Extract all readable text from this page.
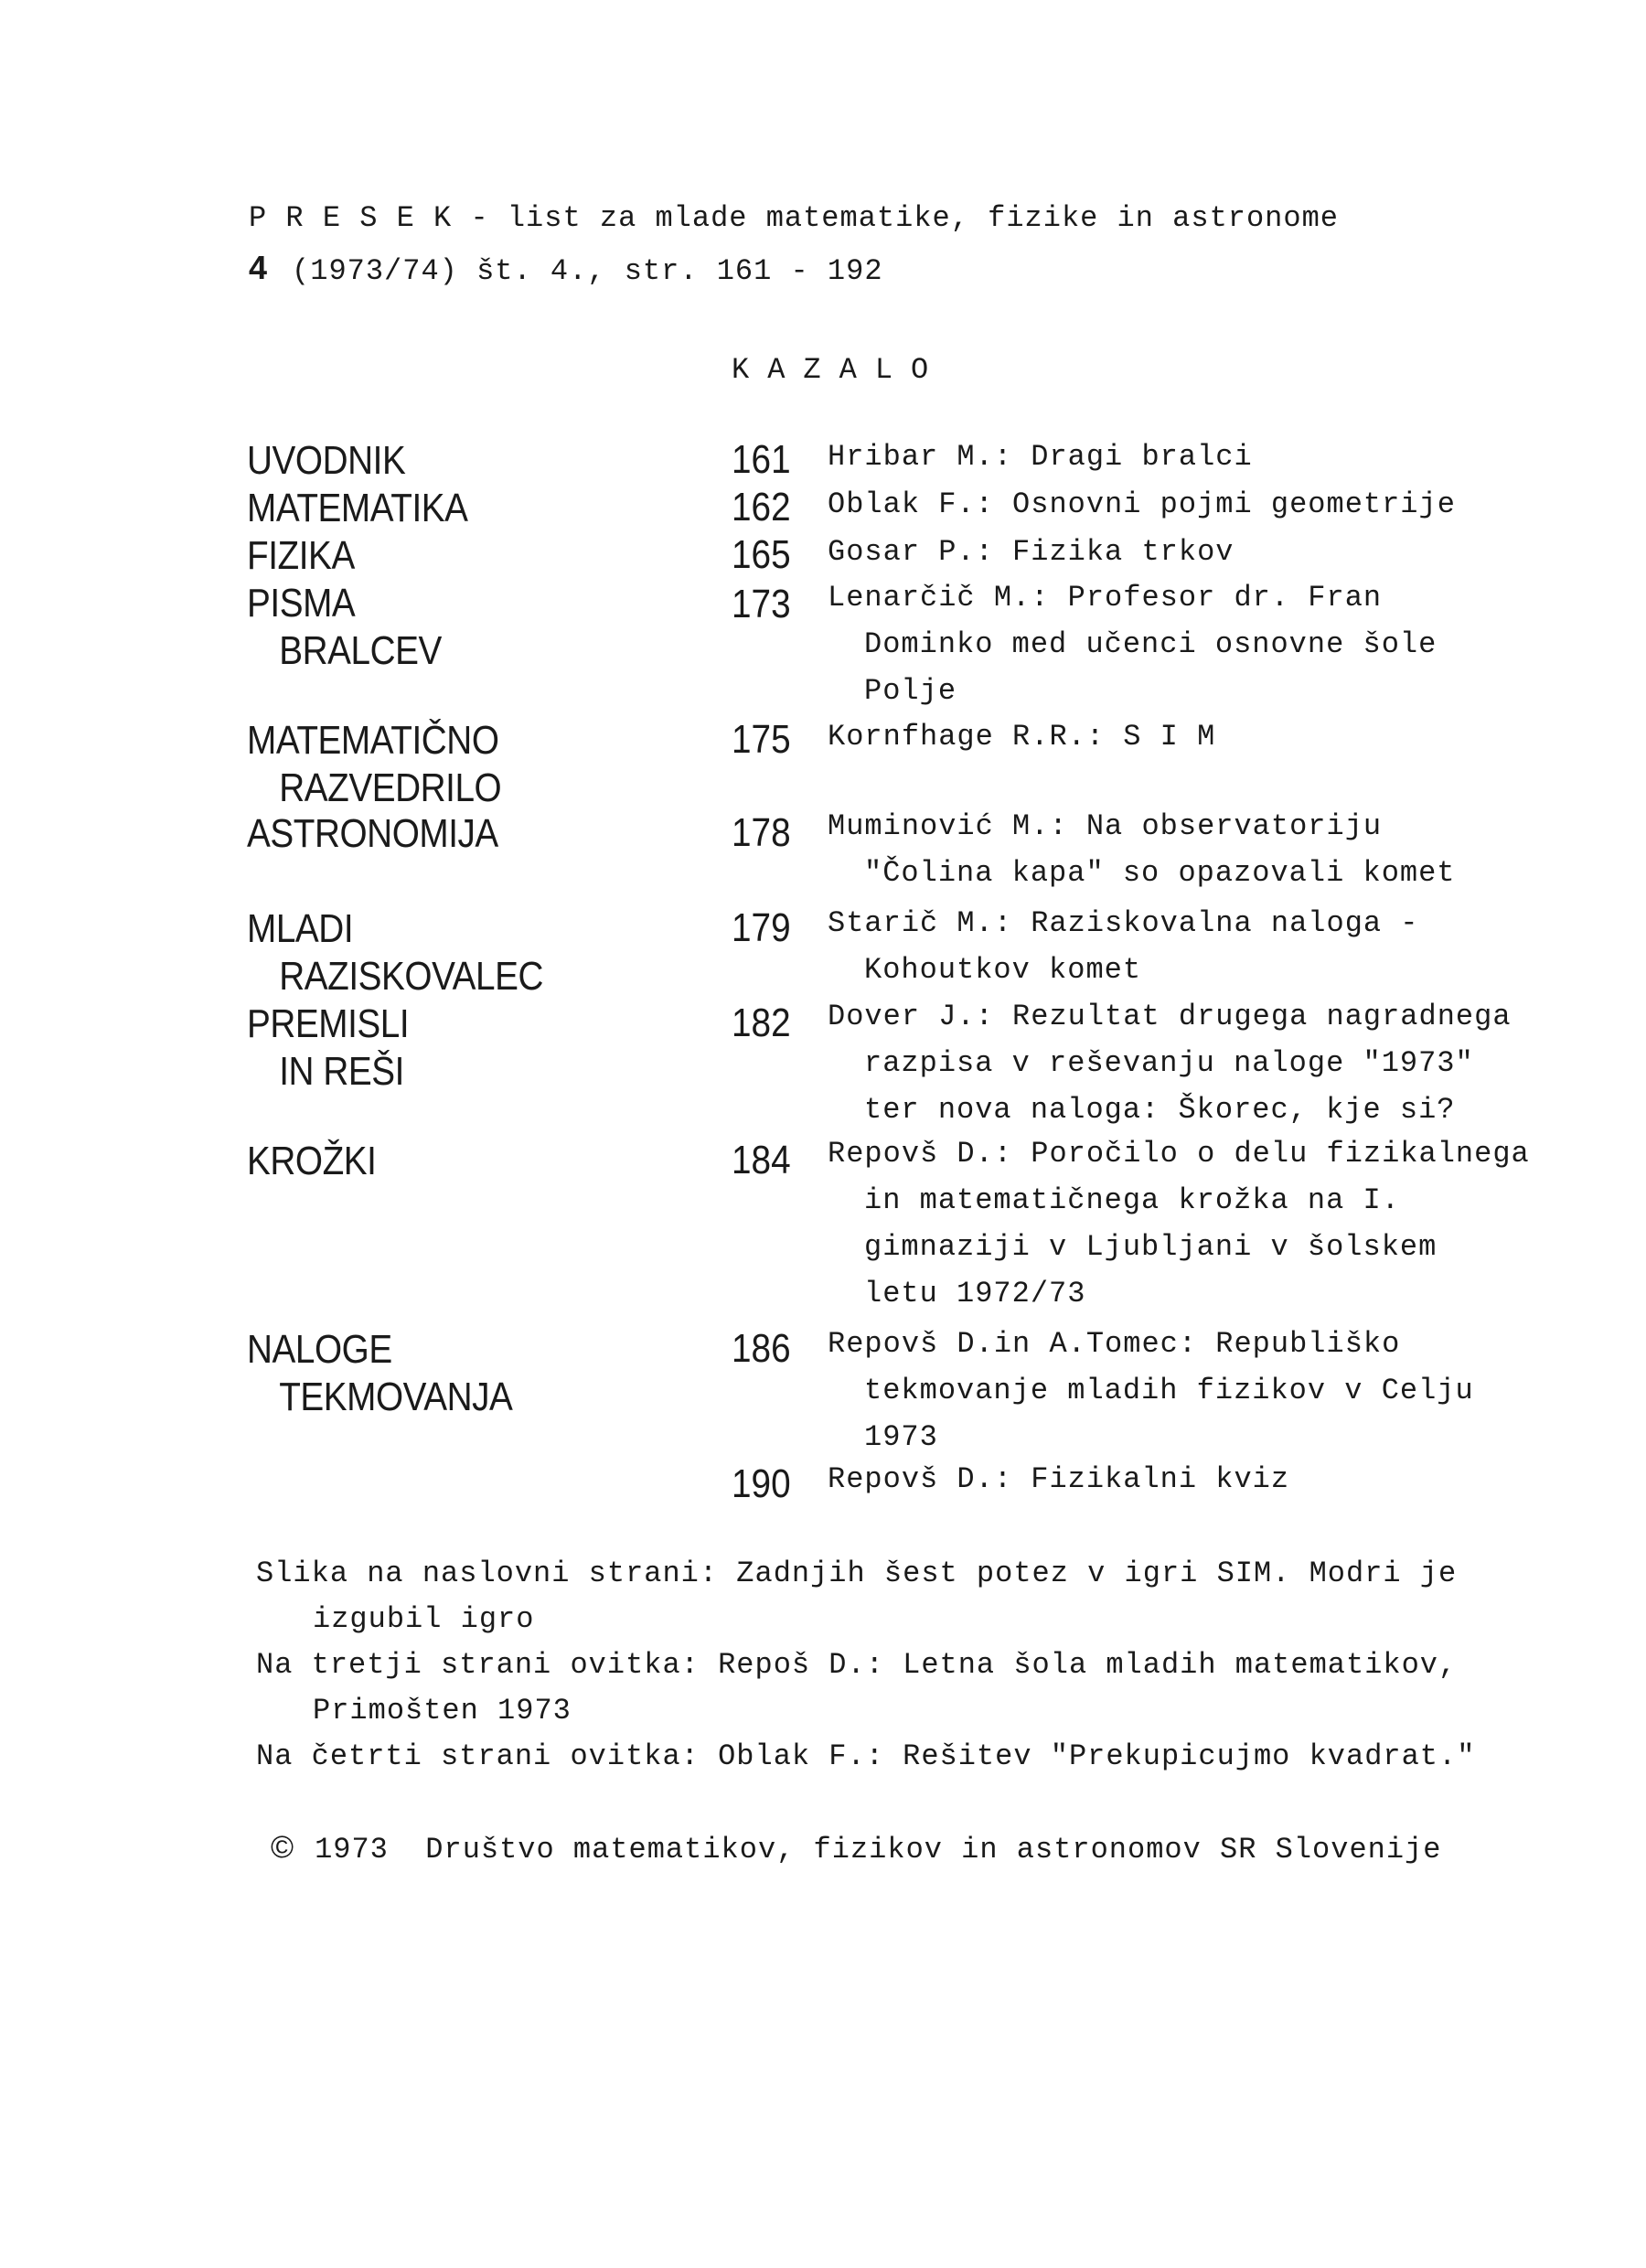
P R E S E K - list za mlade matematike, fizike in astronome
4 (1973/74) št. 4., str. 161 - 192
KAZALO
UVODNIK
MATEMATIKA
FIZIKA
PISMA
BRALCEV
161 Hribar M.: Dragi bralci
162 Oblak F.: Osnovni pojmi geometrije
165 Gosar P.: Fizika trkov
173 Lenarčič M.: Profesor dr. Fran
Dominko med učenci osnovne šole
Polje
MATEMATIČNO
RAZVEDRILO
175 Kornfhage R.R.: S I M
ASTRONOMIJA	178 Muminović M.: Na observatoriju
"Čolina kapa" so opazovali komet
MLADI
RAZISKOVALEC
179 Starič M.: Raziskovalna naloga -
Kohoutkov komet
PREMISLI
IN REŠI
182 Dover J.: Rezultat drugega nagradnega
razpisa v reševanju naloge "1973"
ter nova naloga: Škorec, kje si?
KROŽKI	184 Repovš D.: Poročilo o delu fizikalnega
in matematičnega krožka na I.
gimnaziji v Ljubljani v šolskem
letu 1972/73
NALOGE
TEKMOVANJA
186 Repovš D.in A.Tomec: Republiško
tekmovanje mladih fizikov v Celju
1973
190 Repovš D.: Fizikalni kviz
Slika na naslovni strani: Zadnjih šest potez v igri SIM. Modri je
izgubil igro
Na tretji strani ovitka: Repoš D.: Letna šola mladih matematikov,
Primošten 1973
Na četrti strani ovitka: Oblak F.: Rešitev "Prekupicujmo kvadrat."
© 1973  Društvo matematikov, fizikov in astronomov SR Slovenije
